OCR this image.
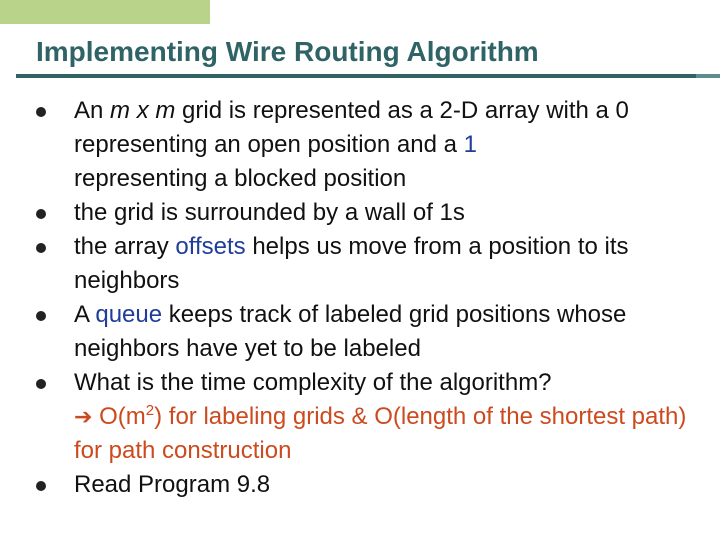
Implementing Wire Routing Algorithm
An m x m grid is represented as a 2-D array with a 0 representing an open position and a 1
representing a blocked position
the grid is surrounded by a wall of 1s
the array offsets helps us move from a position to its neighbors
A queue keeps track of labeled grid positions whose neighbors have yet to be labeled
What is the time complexity of the algorithm?
➔ $O(m^2)$ for labeling grids & O(length of the shortest path) for path construction
Read Program 9.8
